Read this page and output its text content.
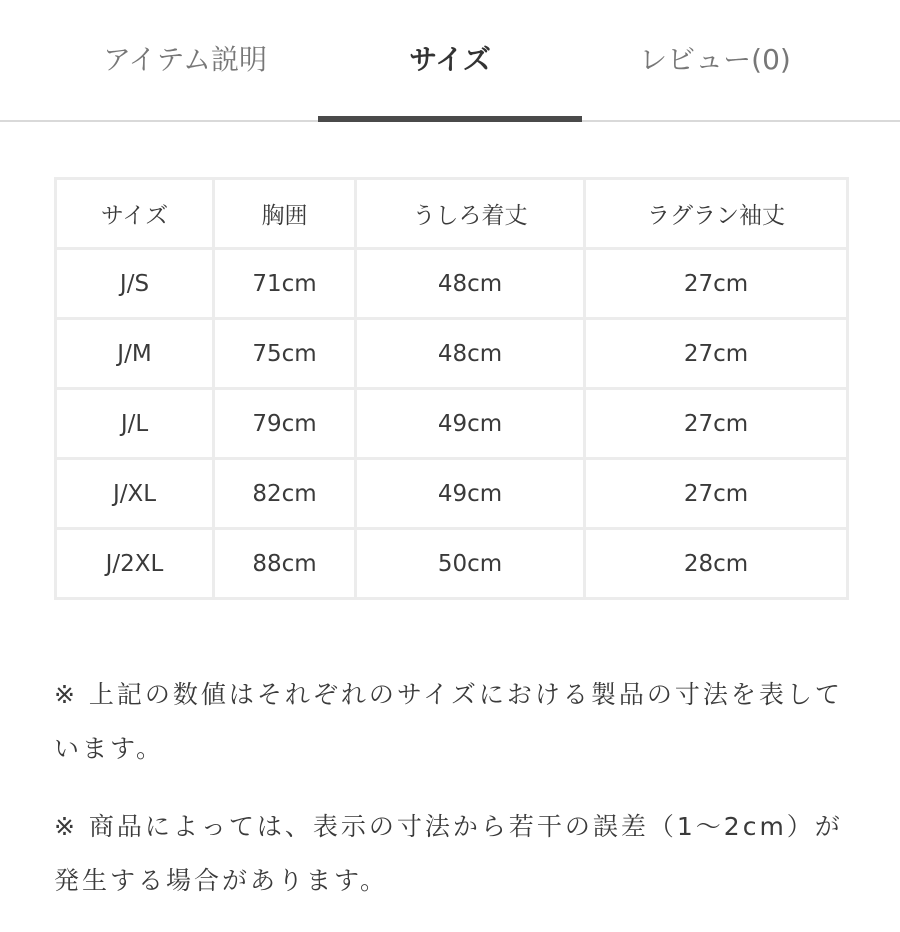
アイテム説明	サイズ	レビュー(0)
サイズ	胸囲	うしろ着丈	ラグラン袖丈
J/S	71cm	48cm	27cm
J/M	75cm	48cm	27cm
J/L	79cm	49cm	27cm
J/XL	82cm	49cm	27cm
J/2XL	88cm	50cm	28cm

※ 上記の数値はそれぞれのサイズにおける製品の寸法を表しています。

※ 商品によっては、表示の寸法から若干の誤差（1〜2cm）が発生する場合があります。
